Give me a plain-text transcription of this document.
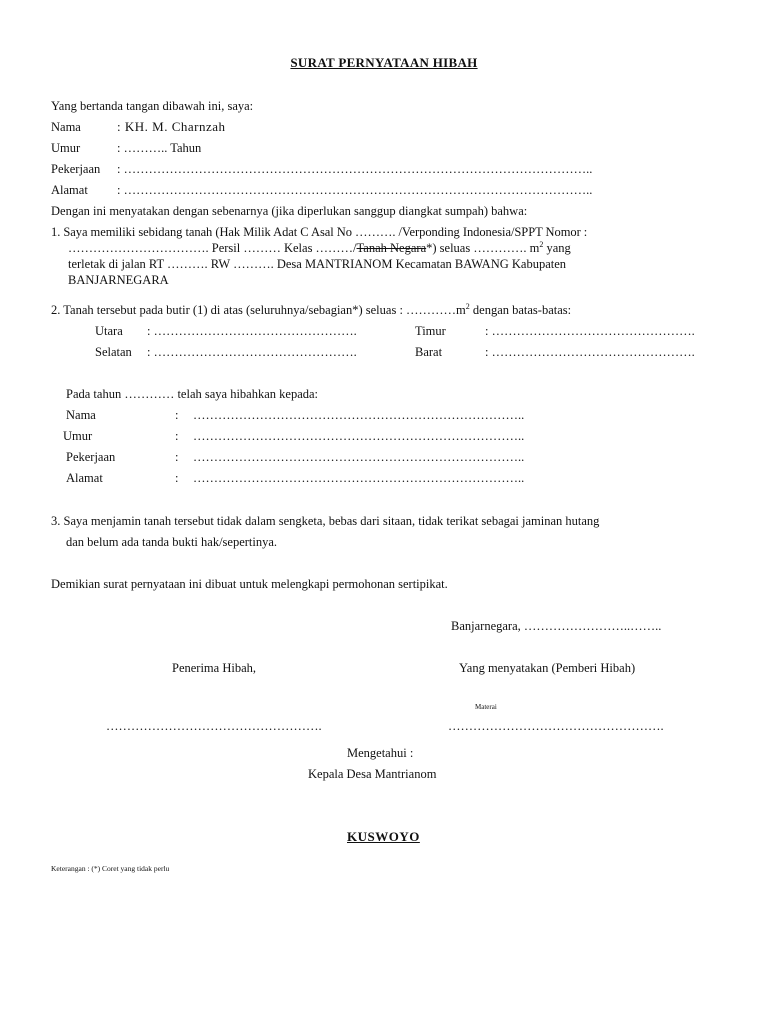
SURAT PERNYATAAN HIBAH
Yang bertanda tangan dibawah ini, saya:
Nama	: KH. M. Charnzah
Umur	: ……….. Tahun
Pekerjaan : …………………………………………………………………………………………………..
Alamat : …………………………………………………………………………………………………..
Dengan ini menyatakan dengan sebenarnya (jika diperlukan sanggup diangkat sumpah) bahwa:
1. Saya memiliki sebidang tanah (Hak Milik Adat C Asal No ………. /Verponding Indonesia/SPPT Nomor :
……………………………. Persil ……… Kelas ………/Tanah Negara*) seluas …………. $m^2$ yang
terletak di jalan RT ………. RW ………. Desa MANTRIANOM Kecamatan BAWANG Kabupaten
BANJARNEGARA
2. Tanah tersebut pada butir (1) di atas (seluruhnya/sebagian*) seluas : $\dots\dots\dots\dots m^2$ dengan batas-batas:
Utara : ………………………………………….	Timur	: ………………………………………….
Selatan : ………………………………………….	Barat	: ………………………………………….
Pada tahun ………… telah saya hibahkan kepada:
Nama	: ……………………………………………………………………..
Umur	: ……………………………………………………………………..
Pekerjaan	: ……………………………………………………………………..
Alamat	: ……………………………………………………………………..
3. Saya menjamin tanah tersebut tidak dalam sengketa, bebas dari sitaan, tidak terikat sebagai jaminan hutang
dan belum ada tanda bukti hak/sepertinya.
Demikian surat pernyataan ini dibuat untuk melengkapi permohonan sertipikat.
Banjarnegara, ……………………..……..
Penerima Hibah,	Yang menyatakan (Pemberi Hibah)
Materai
…………………………………………….	…………………………………………….
Mengetahui :
Kepala Desa Mantrianom
KUSWOYO
Keterangan : (*) Coret yang tidak perlu
